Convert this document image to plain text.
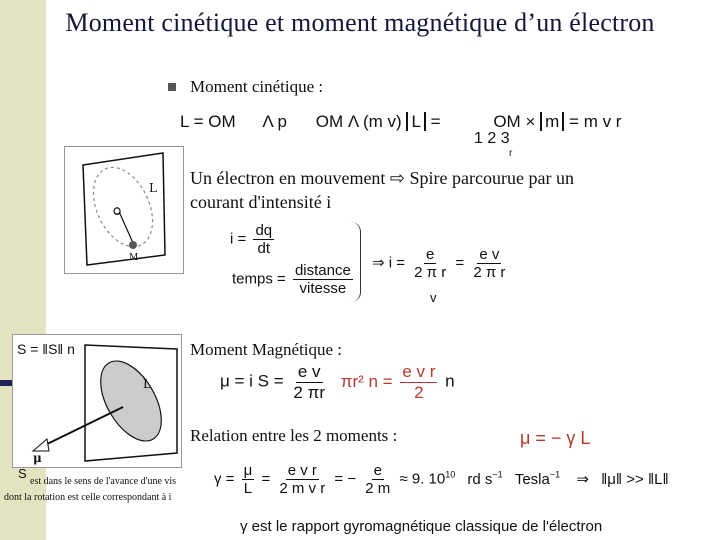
Moment cinétique et moment magnétique d’un électron
Moment cinétique :
L = OM Λ p OM Λ (m v) L =	OM × m = m v r
1 2 3
r
L
O
M
Un électron en mouvement ⇨ Spire parcourue par un
courant d'intensité i
$i = \frac{dq}{dt}$
temps = $\frac{\text{distance}}{\text{vitesse}}$ ⇒ $i = \frac{e}{\text{2 π r}} = \frac{\text{e v}}{\text{2 π r}}$
v
Moment Magnétique :
S = ‖S‖ n
L
μ
μ = i $S = \frac{\text{e v}}{2 \pi r} \pi r^2$ $n = \frac{\text{e v r}}{2}$ n
Relation entre les 2 moments :	μ = − γ L
$\gamma = \frac{\mu}{L} = \frac{\text{e v r}}{\text{2 m v r}}$ = − $\frac{e}{2 m} \approx 9$. $10^{10}$ rd $s^{-1}$ Tesla$^{-1}$ ⇒ ‖μ‖ >> ‖L‖
S
est dans le sens de l'avance d'une vis
dont la rotation est celle correspondant à i
γ est le rapport gyromagnétique classique de l'électron
